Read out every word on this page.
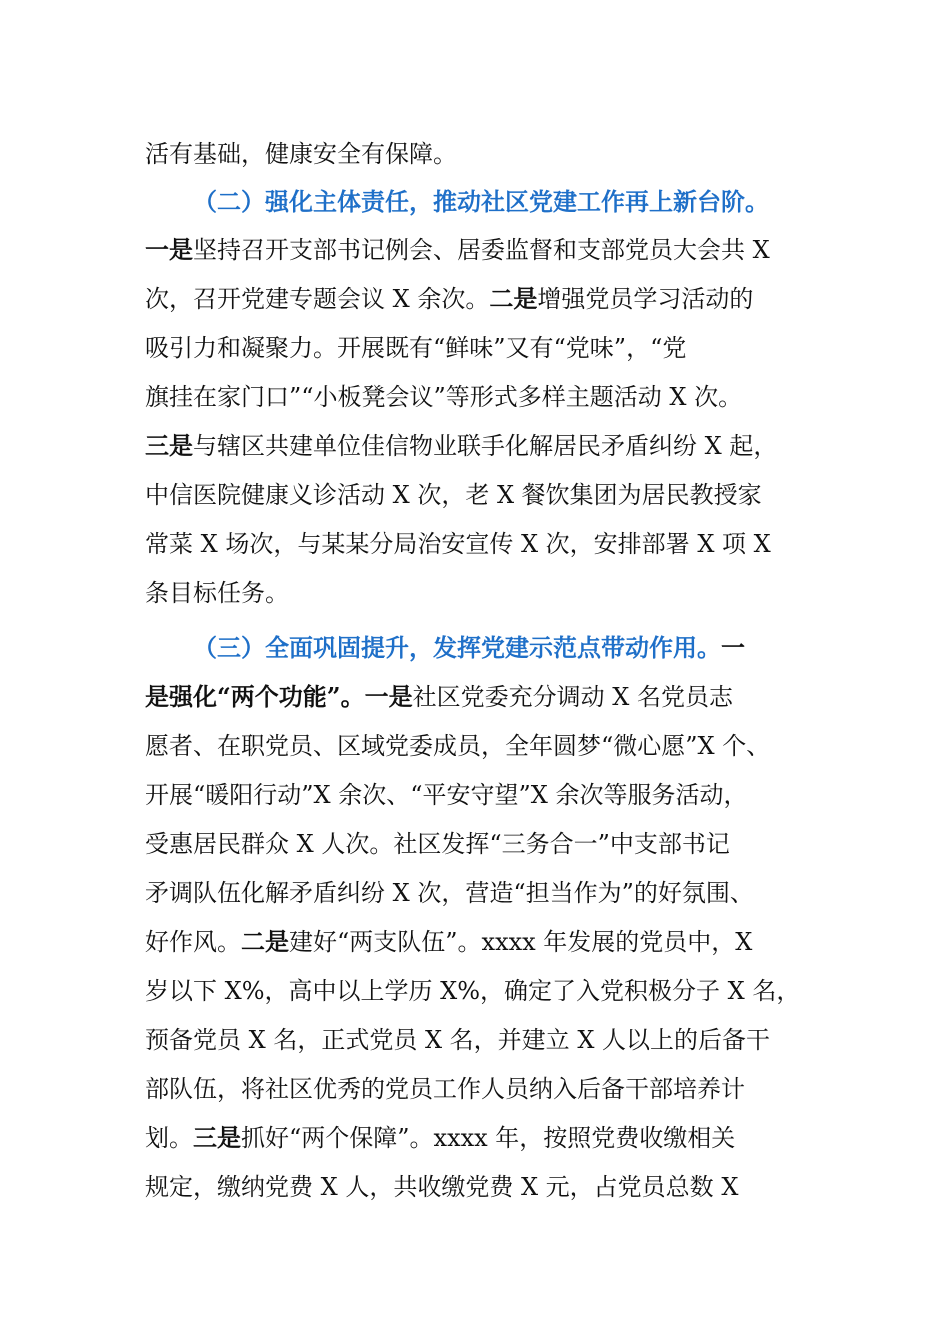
活有基础，健康安全有保障。
（二）强化主体责任，推动社区党建工作再上新台阶。
一是坚持召开支部书记例会、居委监督和支部党员大会共 X
次，召开党建专题会议 X 余次。二是增强党员学习活动的
吸引力和凝聚力。开展既有“鲜味”又有“党味”，“党
旗挂在家门口”“小板凳会议”等形式多样主题活动 X 次。
三是与辖区共建单位佳信物业联手化解居民矛盾纠纷 X 起，
中信医院健康义诊活动 X 次，老 X 餐饮集团为居民教授家
常菜 X 场次，与某某分局治安宣传 X 次，安排部署 X 项 X
条目标任务。
（三）全面巩固提升，发挥党建示范点带动作用。一
是强化“两个功能”。一是社区党委充分调动 X 名党员志
愿者、在职党员、区域党委成员，全年圆梦“微心愿”X 个、
开展“暖阳行动”X 余次、“平安守望”X 余次等服务活动，
受惠居民群众 X 人次。社区发挥“三务合一”中支部书记
矛调队伍化解矛盾纠纷 X 次，营造“担当作为”的好氛围、
好作风。二是建好“两支队伍”。xxxx 年发展的党员中，X
岁以下 X%，高中以上学历 X%，确定了入党积极分子 X 名，
预备党员 X 名，正式党员 X 名，并建立 X 人以上的后备干
部队伍，将社区优秀的党员工作人员纳入后备干部培养计
划。三是抓好“两个保障”。xxxx 年，按照党费收缴相关
规定，缴纳党费 X 人，共收缴党费 X 元，占党员总数 X
